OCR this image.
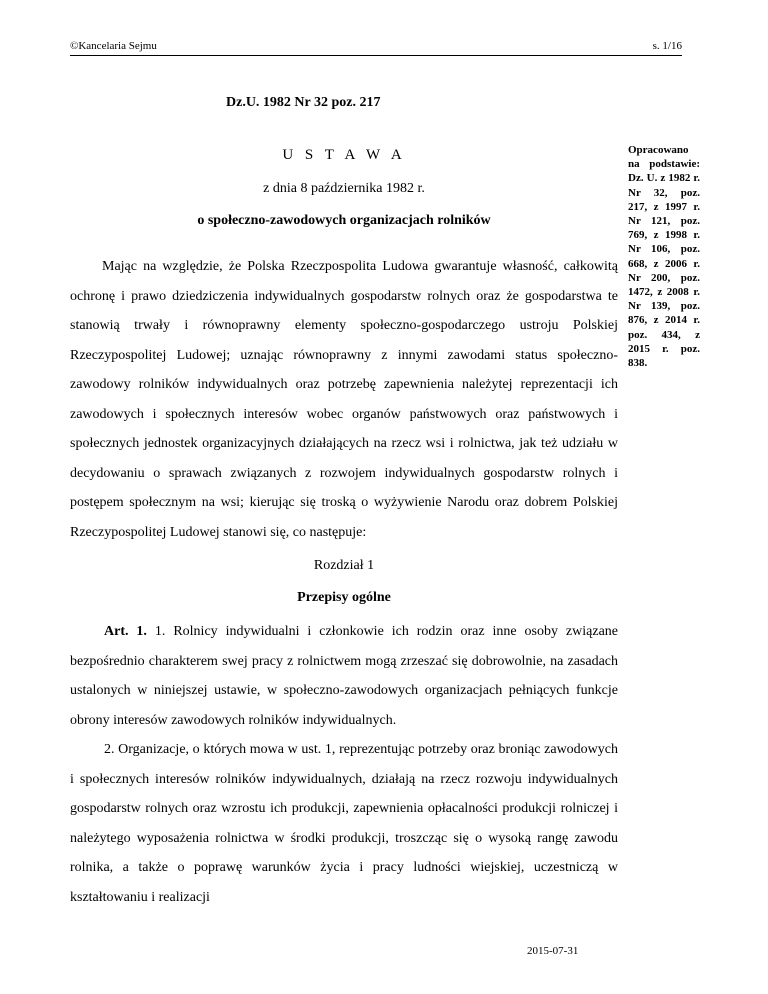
©Kancelaria Sejmu	s. 1/16
Dz.U. 1982 Nr 32 poz. 217
U S T A W A
z dnia 8 października 1982 r.
o społeczno-zawodowych organizacjach rolników
Opracowano na podstawie: Dz. U. z 1982 r. Nr 32, poz. 217, z 1997 r. Nr 121, poz. 769, z 1998 r. Nr 106, poz. 668, z 2006 r. Nr 200, poz. 1472, z 2008 r. Nr 139, poz. 876, z 2014 r. poz. 434, z 2015 r. poz. 838.
Mając na względzie, że Polska Rzeczpospolita Ludowa gwarantuje własność, całkowitą ochronę i prawo dziedziczenia indywidualnych gospodarstw rolnych oraz że gospodarstwa te stanowią trwały i równoprawny elementy społeczno-gospodarczego ustroju Polskiej Rzeczypospolitej Ludowej; uznając równoprawny z innymi zawodami status społeczno-zawodowy rolników indywidualnych oraz potrzebę zapewnienia należytej reprezentacji ich zawodowych i społecznych interesów wobec organów państwowych oraz państwowych i społecznych jednostek organizacyjnych działających na rzecz wsi i rolnictwa, jak też udziału w decydowaniu o sprawach związanych z rozwojem indywidualnych gospodarstw rolnych i postępem społecznym na wsi; kierując się troską o wyżywienie Narodu oraz dobrem Polskiej Rzeczypospolitej Ludowej stanowi się, co następuje:
Rozdział 1
Przepisy ogólne

Art. 1. 1. Rolnicy indywidualni i członkowie ich rodzin oraz inne osoby związane bezpośrednio charakterem swej pracy z rolnictwem mogą zrzeszać się dobrowolnie, na zasadach ustalonych w niniejszej ustawie, w społeczno-zawodowych organizacjach pełniących funkcje obrony interesów zawodowych rolników indywidualnych.

2. Organizacje, o których mowa w ust. 1, reprezentując potrzeby oraz broniąc zawodowych i społecznych interesów rolników indywidualnych, działają na rzecz rozwoju indywidualnych gospodarstw rolnych oraz wzrostu ich produkcji, zapewnienia opłacalności produkcji rolniczej i należytego wyposażenia rolnictwa w środki produkcji, troszcząc się o wysoką rangę zawodu rolnika, a także o poprawę warunków życia i pracy ludności wiejskiej, uczestniczą w kształtowaniu i realizacji

2015-07-31
